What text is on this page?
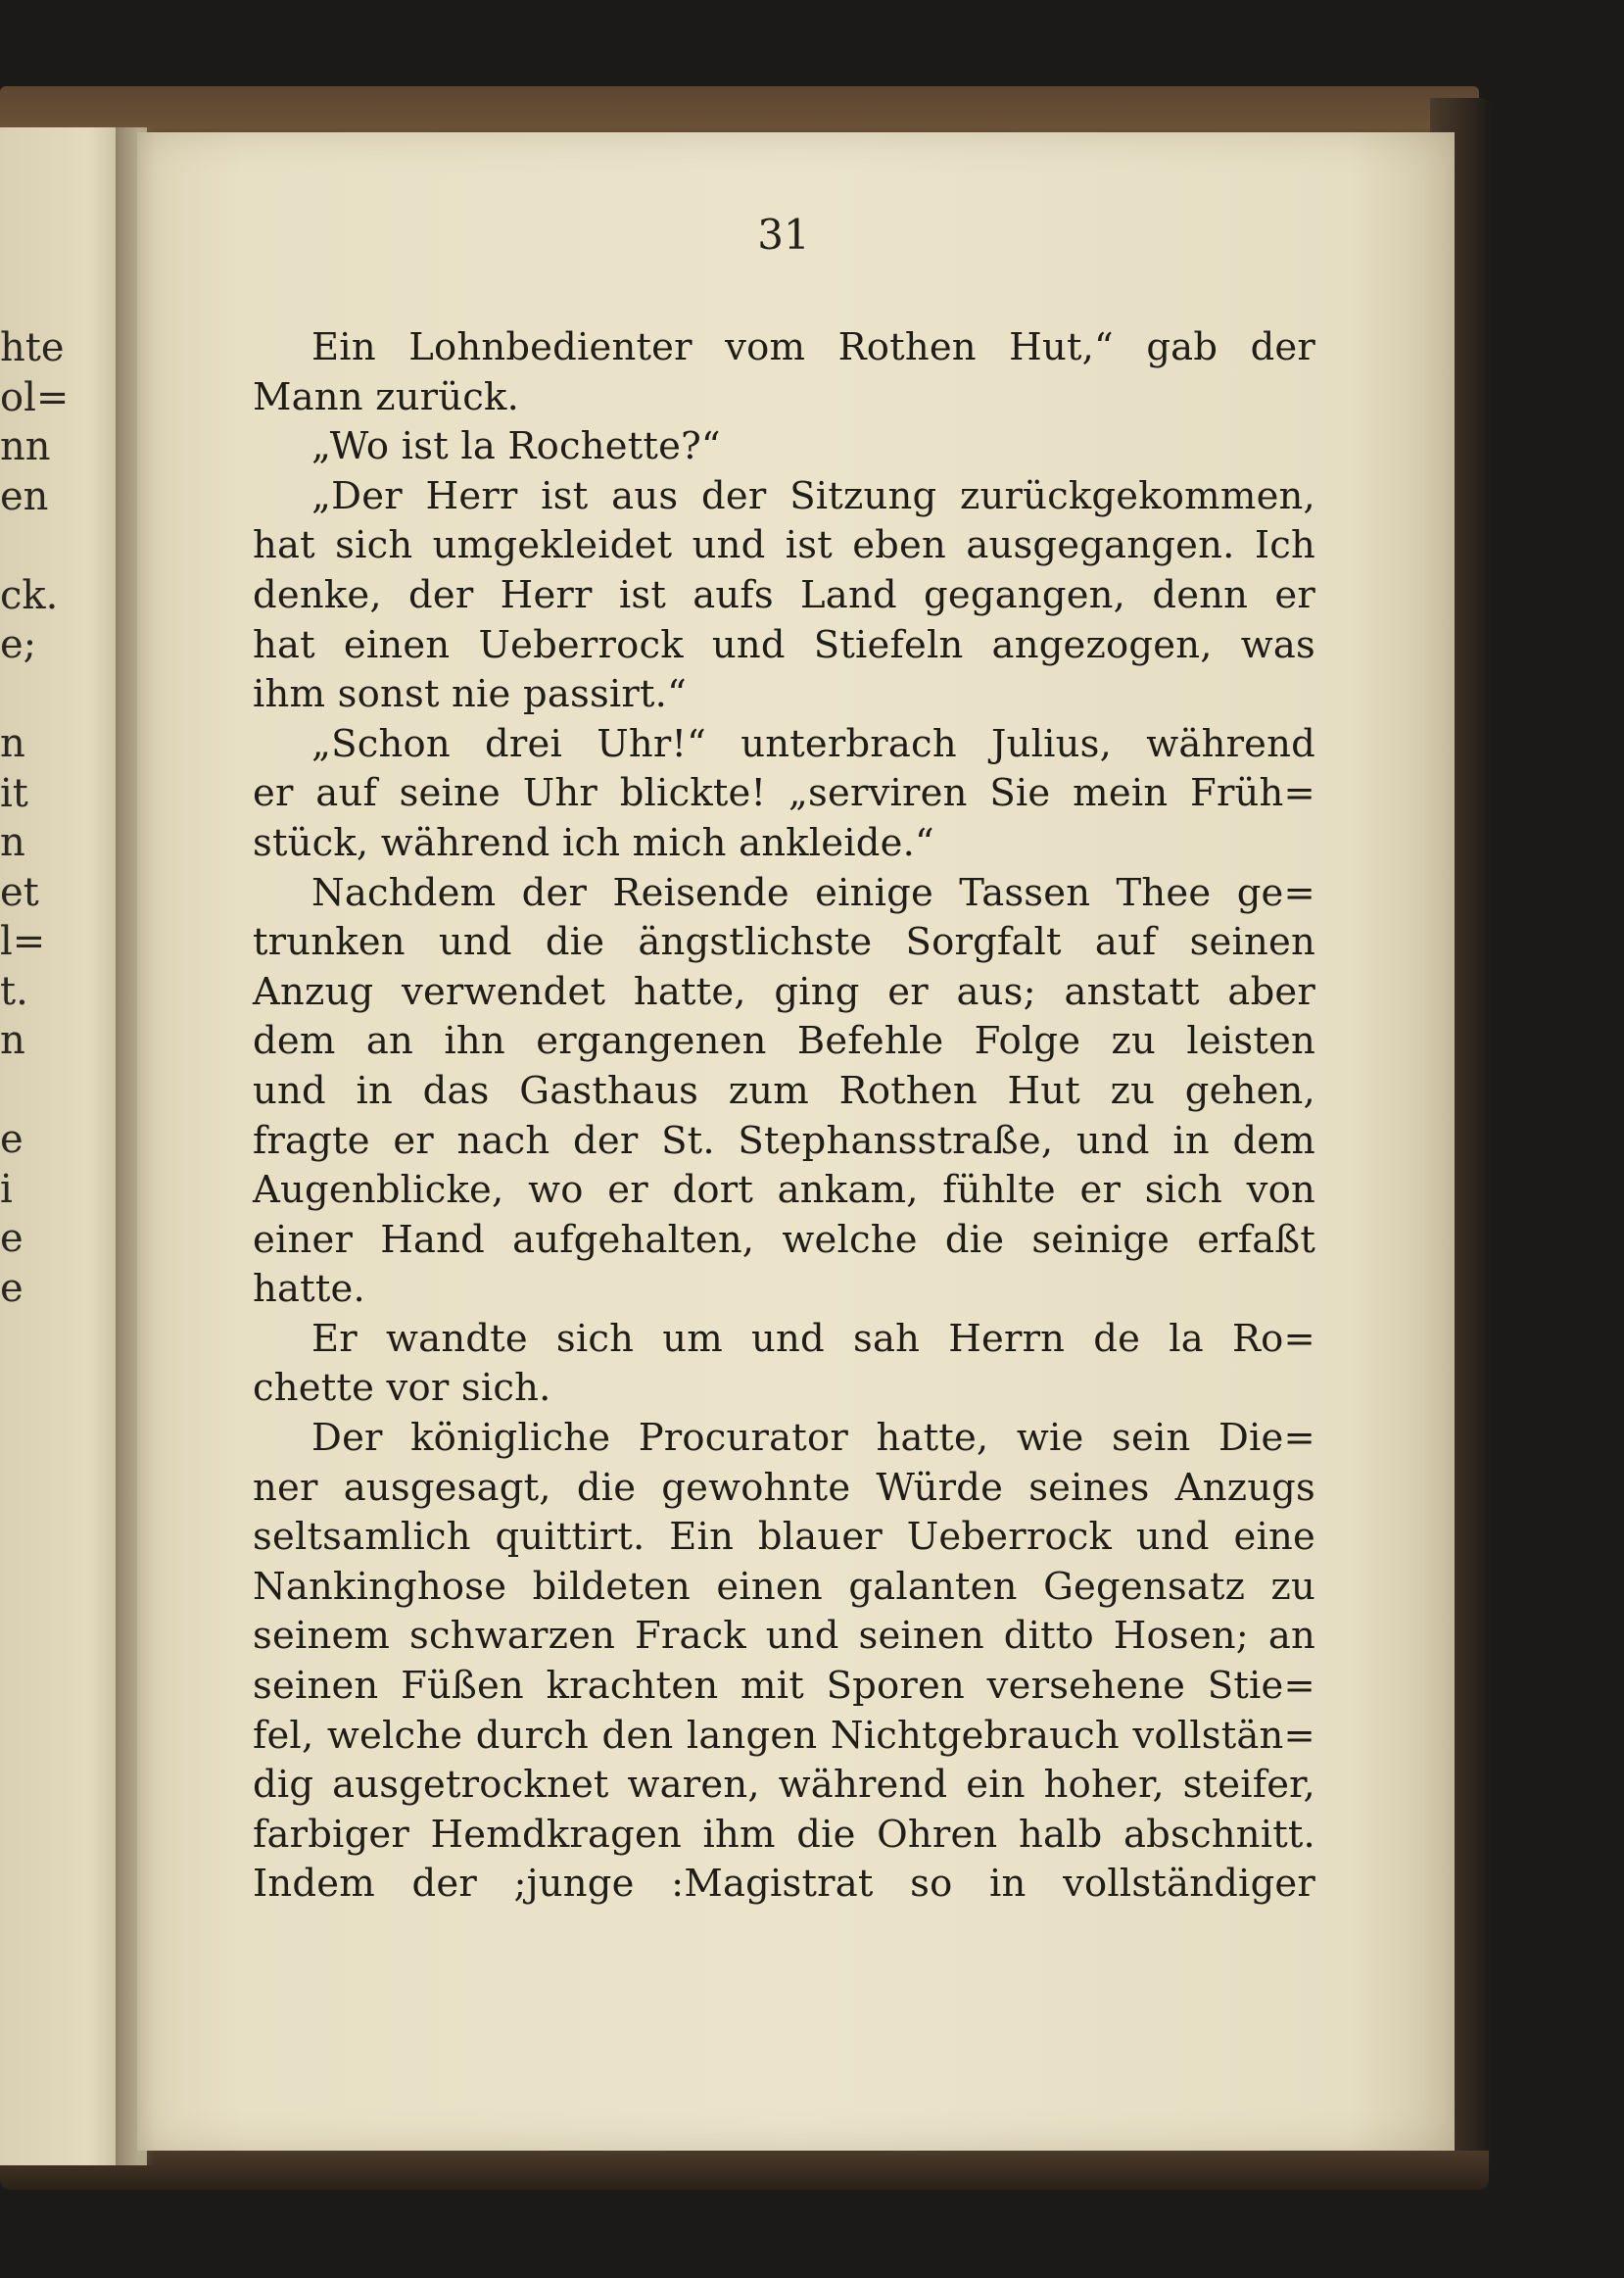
hte
ol=
nn
en
ck.
e;
n
it
n
et
l=
t.
n
e
i
e
e
31
Ein Lohnbedienter vom Rothen Hut,“ gab der
Mann zurück.
„Wo ist la Rochette?“
„Der Herr ist aus der Sitzung zurückgekommen,
hat sich umgekleidet und ist eben ausgegangen. Ich
denke, der Herr ist aufs Land gegangen, denn er
hat einen Ueberrock und Stiefeln angezogen, was
ihm sonst nie passirt.“
„Schon drei Uhr!“ unterbrach Julius, während
er auf seine Uhr blickte! „serviren Sie mein Früh=
stück, während ich mich ankleide.“
Nachdem der Reisende einige Tassen Thee ge=
trunken und die ängstlichste Sorgfalt auf seinen
Anzug verwendet hatte, ging er aus; anstatt aber
dem an ihn ergangenen Befehle Folge zu leisten
und in das Gasthaus zum Rothen Hut zu gehen,
fragte er nach der St. Stephansstraße, und in dem
Augenblicke, wo er dort ankam, fühlte er sich von
einer Hand aufgehalten, welche die seinige erfaßt
hatte.
Er wandte sich um und sah Herrn de la Ro=
chette vor sich.
Der königliche Procurator hatte, wie sein Die=
ner ausgesagt, die gewohnte Würde seines Anzugs
seltsamlich quittirt. Ein blauer Ueberrock und eine
Nankinghose bildeten einen galanten Gegensatz zu
seinem schwarzen Frack und seinen ditto Hosen; an
seinen Füßen krachten mit Sporen versehene Stie=
fel, welche durch den langen Nichtgebrauch vollstän=
dig ausgetrocknet waren, während ein hoher, steifer,
farbiger Hemdkragen ihm die Ohren halb abschnitt.
Indem der ;junge :Magistrat so in vollständiger
